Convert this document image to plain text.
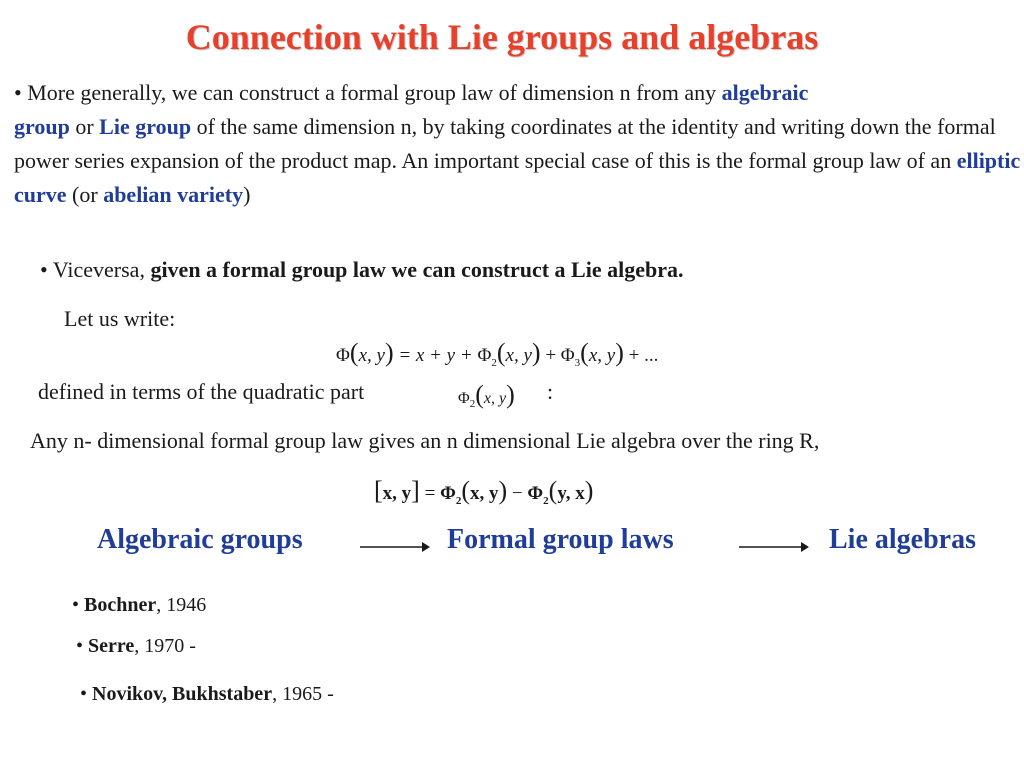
Connection with Lie groups and algebras
• More generally, we can construct a formal group law of dimension n from any algebraic
group or Lie group of the same dimension n, by taking coordinates at the identity and writing down the formal power series expansion of the product map. An important special case of this is the formal group law of an elliptic curve (or abelian variety)
• Viceversa, given a formal group law we can construct a Lie algebra.
Let us write:
Φ(x, $y) = x + y + \Phi_2(x$, $y) + \Phi_3(x$, y) + ...
defined in terms of the quadratic part	$\Phi_2(x$, y) :
Any n- dimensional formal group law gives an n dimensional Lie algebra over the ring R,
[x, $y] = \Phi_2(x$, $y) - \Phi_2(y$, x)
Algebraic groups	Formal group laws	Lie algebras
• Bochner, 1946
• Serre, 1970 -
• Novikov, Bukhstaber, 1965 -
